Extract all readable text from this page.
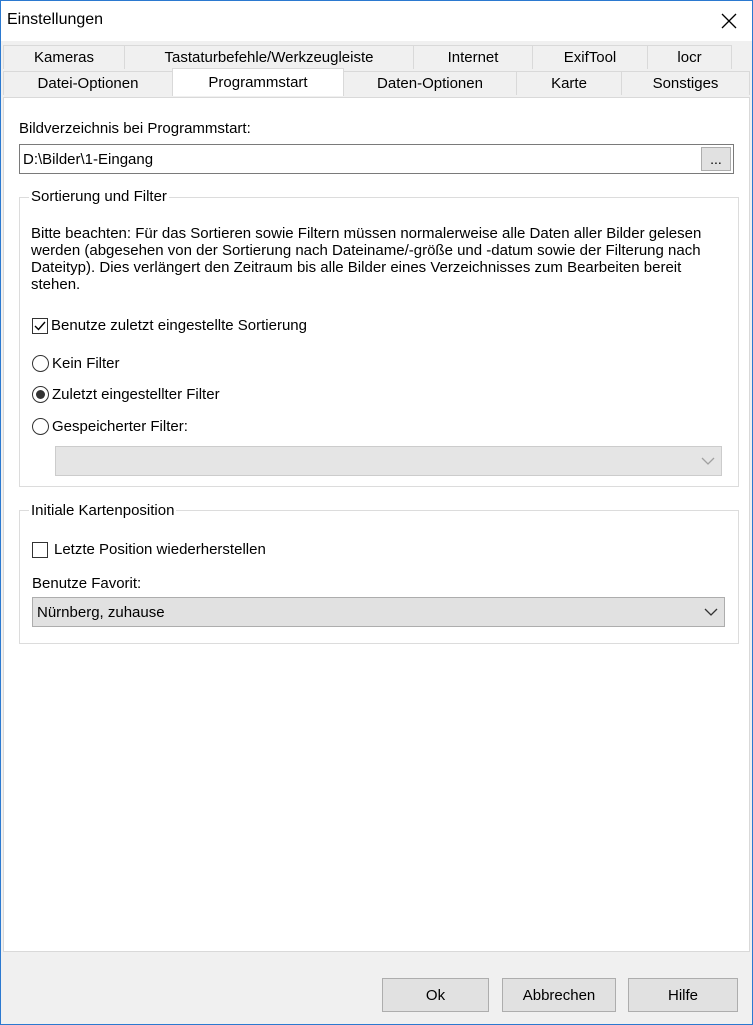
Einstellungen
Kameras	Tastaturbefehle/Werkzeugleiste	Internet	ExifTool	locr
Datei-Optionen	Programmstart	Daten-Optionen	Karte	Sonstiges
Bildverzeichnis bei Programmstart:
D:\Bilder\1-Eingang
...
Sortierung und Filter
Bitte beachten: Für das Sortieren sowie Filtern müssen normalerweise alle Daten aller Bilder gelesen werden (abgesehen von der Sortierung nach Dateiname/-größe und -datum sowie der Filterung nach Dateityp). Dies verlängert den Zeitraum bis alle Bilder eines Verzeichnisses zum Bearbeiten bereit stehen.
Benutze zuletzt eingestellte Sortierung
Kein Filter
Zuletzt eingestellter Filter
Gespeicherter Filter:
Initiale Kartenposition
Letzte Position wiederherstellen
Benutze Favorit:
Nürnberg, zuhause
Ok	Abbrechen	Hilfe
